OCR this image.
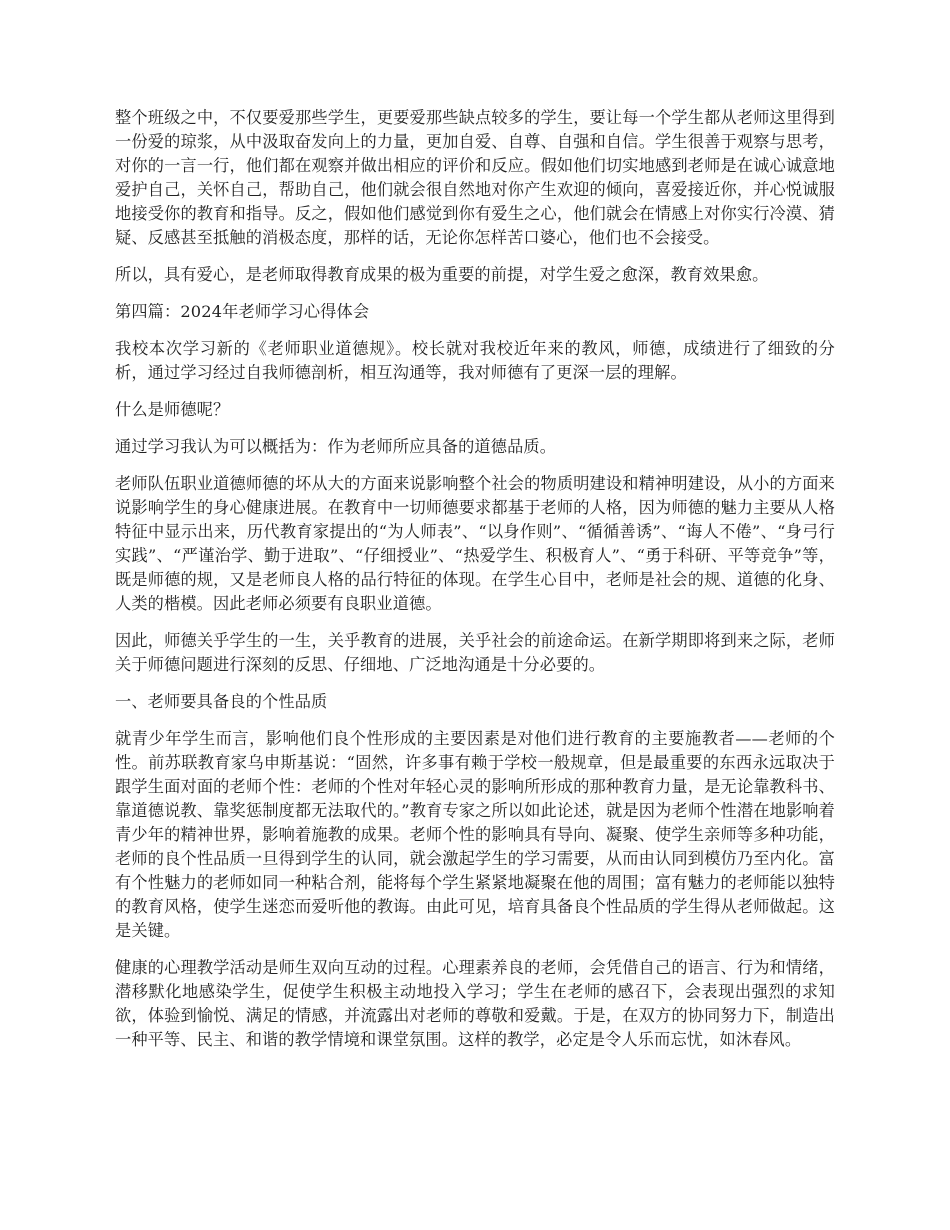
整个班级之中，不仅要爱那些学生，更要爱那些缺点较多的学生，要让每一个学生都从老师这里得到一份爱的琼浆，从中汲取奋发向上的力量，更加自爱、自尊、自强和自信。学生很善于观察与思考，对你的一言一行，他们都在观察并做出相应的评价和反应。假如他们切实地感到老师是在诚心诚意地爱护自己，关怀自己，帮助自己，他们就会很自然地对你产生欢迎的倾向，喜爱接近你，并心悦诚服地接受你的教育和指导。反之，假如他们感觉到你有爱生之心，他们就会在情感上对你实行冷漠、猜疑、反感甚至抵触的消极态度，那样的话，无论你怎样苦口婆心，他们也不会接受。

所以，具有爱心，是老师取得教育成果的极为重要的前提，对学生爱之愈深，教育效果愈。

第四篇：2024年老师学习心得体会

我校本次学习新的《老师职业道德规》。校长就对我校近年来的教风，师德，成绩进行了细致的分析，通过学习经过自我师德剖析，相互沟通等，我对师德有了更深一层的理解。

什么是师德呢？

通过学习我认为可以概括为：作为老师所应具备的道德品质。

老师队伍职业道德师德的坏从大的方面来说影响整个社会的物质明建设和精神明建设，从小的方面来说影响学生的身心健康进展。在教育中一切师德要求都基于老师的人格，因为师德的魅力主要从人格特征中显示出来，历代教育家提出的“为人师表”、“以身作则”、“循循善诱”、“诲人不倦”、“身弓行实践”、“严谨治学、勤于进取”、“仔细授业”、“热爱学生、积极育人”、“勇于科研、平等竞争”等，既是师德的规，又是老师良人格的品行特征的体现。在学生心目中，老师是社会的规、道德的化身、人类的楷模。因此老师必须要有良职业道德。

因此，师德关乎学生的一生，关乎教育的进展，关乎社会的前途命运。在新学期即将到来之际，老师关于师德问题进行深刻的反思、仔细地、广泛地沟通是十分必要的。

一、老师要具备良的个性品质

就青少年学生而言，影响他们良个性形成的主要因素是对他们进行教育的主要施教者——老师的个性。前苏联教育家乌申斯基说：“固然，许多事有赖于学校一般规章，但是最重要的东西永远取决于跟学生面对面的老师个性：老师的个性对年轻心灵的影响所形成的那种教育力量，是无论靠教科书、靠道德说教、靠奖惩制度都无法取代的。”教育专家之所以如此论述，就是因为老师个性潜在地影响着青少年的精神世界，影响着施教的成果。老师个性的影响具有导向、凝聚、使学生亲师等多种功能，老师的良个性品质一旦得到学生的认同，就会激起学生的学习需要，从而由认同到模仿乃至内化。富有个性魅力的老师如同一种粘合剂，能将每个学生紧紧地凝聚在他的周围；富有魅力的老师能以独特的教育风格，使学生迷恋而爱听他的教诲。由此可见，培育具备良个性品质的学生得从老师做起。这是关键。

健康的心理教学活动是师生双向互动的过程。心理素养良的老师，会凭借自己的语言、行为和情绪，潜移默化地感染学生，促使学生积极主动地投入学习；学生在老师的感召下，会表现出强烈的求知欲，体验到愉悦、满足的情感，并流露出对老师的尊敬和爱戴。于是，在双方的协同努力下，制造出一种平等、民主、和谐的教学情境和课堂氛围。这样的教学，必定是令人乐而忘忧，如沐春风。
